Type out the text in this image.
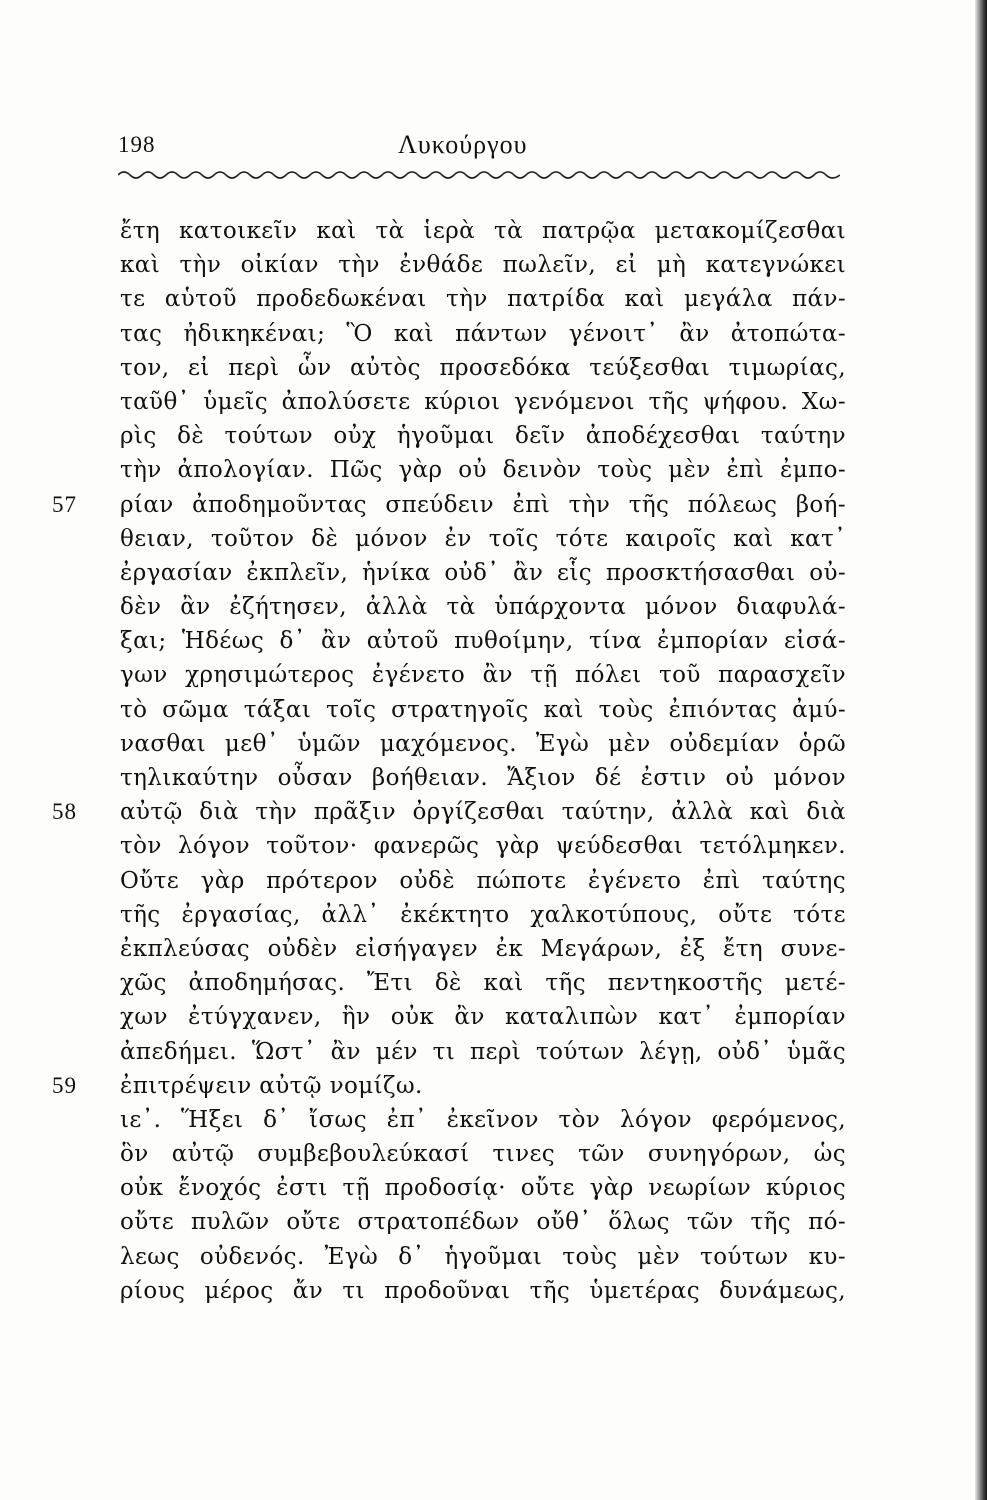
198	Λυκούργου
ἔτη κατοικεῖν καὶ τὰ ἱερὰ τὰ πατρῷα μετακομίζεσθαι
καὶ τὴν οἰκίαν τὴν ἐνθάδε πωλεῖν, εἰ μὴ κατεγνώκει
τε αὑτοῦ προδεδωκέναι τὴν πατρίδα καὶ μεγάλα πάν-
τας ἠδικηκέναι; Ὃ καὶ πάντων γένοιτ᾽ ἂν ἀτοπώτα-
τον, εἰ περὶ ὧν αὐτὸς προσεδόκα τεύξεσθαι τιμωρίας,
ταῦθ᾽ ὑμεῖς ἀπολύσετε κύριοι γενόμενοι τῆς ψήφου. Χω-
ρὶς δὲ τούτων οὐχ ἡγοῦμαι δεῖν ἀποδέχεσθαι ταύτην
τὴν ἀπολογίαν. Πῶς γὰρ οὐ δεινὸν τοὺς μὲν ἐπὶ ἐμπο-
ρίαν ἀποδημοῦντας σπεύδειν ἐπὶ τὴν τῆς πόλεως βοή-
θειαν, τοῦτον δὲ μόνον ἐν τοῖς τότε καιροῖς καὶ κατ᾽
ἐργασίαν ἐκπλεῖν, ἡνίκα οὐδ᾽ ἂν εἷς προσκτήσασθαι οὐ-
δὲν ἂν ἐζήτησεν, ἀλλὰ τὰ ὑπάρχοντα μόνον διαφυλά-
ξαι; Ἡδέως δ᾽ ἂν αὐτοῦ πυθοίμην, τίνα ἐμπορίαν εἰσά-
γων χρησιμώτερος ἐγένετο ἂν τῇ πόλει τοῦ παρασχεῖν
τὸ σῶμα τάξαι τοῖς στρατηγοῖς καὶ τοὺς ἐπιόντας ἀμύ-
νασθαι μεθ᾽ ὑμῶν μαχόμενος. Ἐγὼ μὲν οὐδεμίαν ὁρῶ
τηλικαύτην οὖσαν βοήθειαν. Ἄξιον δέ ἐστιν οὐ μόνον
αὐτῷ διὰ τὴν πρᾶξιν ὀργίζεσθαι ταύτην, ἀλλὰ καὶ διὰ
τὸν λόγον τοῦτον· φανερῶς γὰρ ψεύδεσθαι τετόλμηκεν.
Οὔτε γὰρ πρότερον οὐδὲ πώποτε ἐγένετο ἐπὶ ταύτης
τῆς ἐργασίας, ἀλλ᾽ ἐκέκτητο χαλκοτύπους, οὔτε τότε
ἐκπλεύσας οὐδὲν εἰσήγαγεν ἐκ Μεγάρων, ἐξ ἔτη συνε-
χῶς ἀποδημήσας. Ἔτι δὲ καὶ τῆς πεντηκοστῆς μετέ-
χων ἐτύγχανεν, ἣν οὐκ ἂν καταλιπὼν κατ᾽ ἐμπορίαν
ἀπεδήμει. Ὥστ᾽ ἂν μέν τι περὶ τούτων λέγῃ, οὐδ᾽ ὑμᾶς
ἐπιτρέψειν αὐτῷ νομίζω.
ιε᾽. Ἥξει δ᾽ ἴσως ἐπ᾽ ἐκεῖνον τὸν λόγον φερόμενος,
ὃν αὐτῷ συμβεβουλεύκασί τινες τῶν συνηγόρων, ὡς
οὐκ ἔνοχός ἐστι τῇ προδοσίᾳ· οὔτε γὰρ νεωρίων κύριος
οὔτε πυλῶν οὔτε στρατοπέδων οὔθ᾽ ὅλως τῶν τῆς πό-
λεως οὐδενός. Ἐγὼ δ᾽ ἡγοῦμαι τοὺς μὲν τούτων κυ-
ρίους μέρος ἄν τι προδοῦναι τῆς ὑμετέρας δυνάμεως,
57
58
59
